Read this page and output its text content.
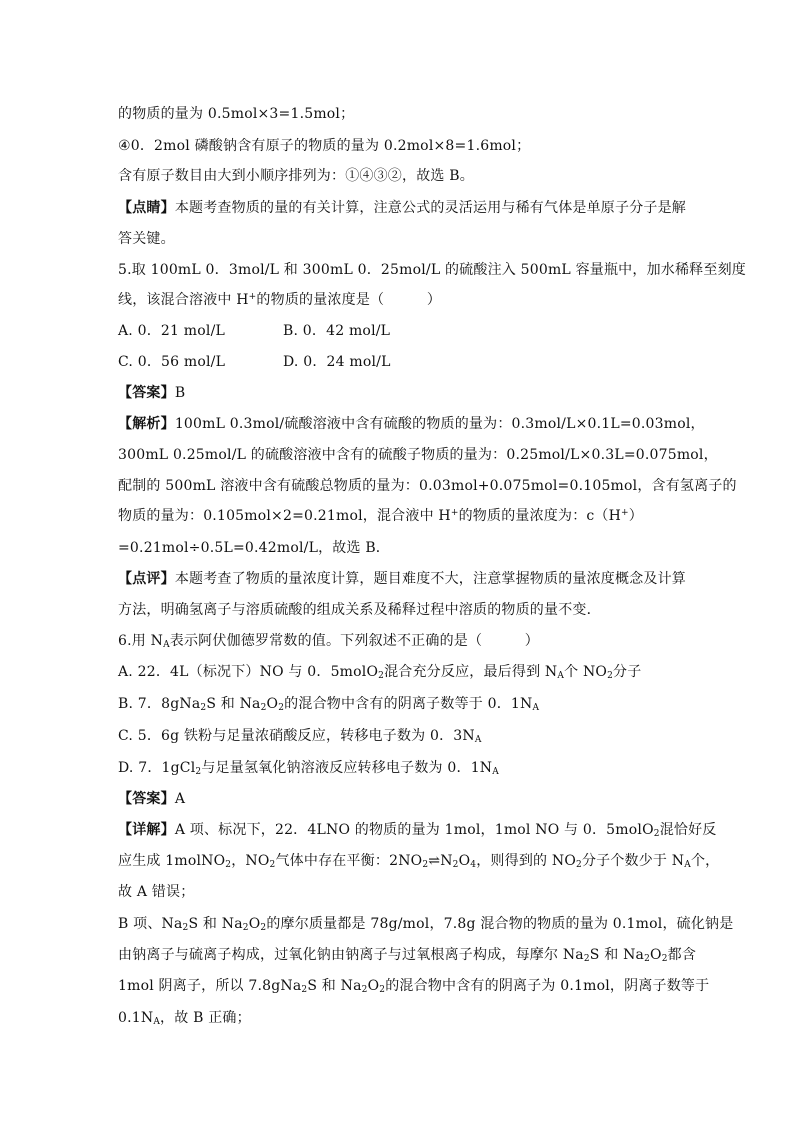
的物质的量为 0.5mol×3=1.5mol；
④0．2mol 磷酸钠含有原子的物质的量为 0.2mol×8=1.6mol；
含有原子数目由大到小顺序排列为：①④③②，故选 B。
【点睛】本题考查物质的量的有关计算，注意公式的灵活运用与稀有气体是单原子分子是解
答关键。
5.取 100mL 0．3mol/L 和 300mL 0．25mol/L 的硫酸注入 500mL 容量瓶中，加水稀释至刻度
线，该混合溶液中 H+的物质的量浓度是（　　　）
A. 0．21 mol/L	B. 0．42 mol/L
C. 0．56 mol/L	D. 0．24 mol/L
【答案】B
【解析】100mL 0.3mol/硫酸溶液中含有硫酸的物质的量为：0.3mol/L×0.1L=0.03mol，
300mL 0.25mol/L 的硫酸溶液中含有的硫酸子物质的量为：0.25mol/L×0.3L=0.075mol，
配制的 500mL 溶液中含有硫酸总物质的量为：0.03mol+0.075mol=0.105mol，含有氢离子的
物质的量为：0.105mol×2=0.21mol，混合液中 H+的物质的量浓度为：c（H+）
=0.21mol÷0.5L=0.42mol/L，故选 B．
【点评】本题考查了物质的量浓度计算，题目难度不大，注意掌握物质的量浓度概念及计算
方法，明确氢离子与溶质硫酸的组成关系及稀释过程中溶质的物质的量不变．
6.用 $N_A$表示阿伏伽德罗常数的值。下列叙述不正确的是（　　　）
A. 22．4L（标况下）NO 与 0．5molO$_2$混合充分反应，最后得到 $N_A$个 $NO_2$分子
B. 7．8gNa$_2$S 和 $Na_2O_2$的混合物中含有的阴离子数等于 0．$1N_A$
C. 5．6g 铁粉与足量浓硝酸反应，转移电子数为 0．$3N_A$
D. 7．1gCl$_2$与足量氢氧化钠溶液反应转移电子数为 0．$1N_A$
【答案】A
【详解】A 项、标况下，22．4LNO 的物质的量为 1mol，1mol NO 与 0．5molO$_2$混恰好反
应生成 1molNO$_2$，$NO_2$气体中存在平衡：$2NO_2\rightleftharpoons N_2O_4$，则得到的 $NO_2$分子个数少于 $N_A$个，
故 A 错误；
B 项、$Na_2S$ 和 $Na_2O_2$的摩尔质量都是 78g/mol，7.8g 混合物的物质的量为 0.1mol，硫化钠是
由钠离子与硫离子构成，过氧化钠由钠离子与过氧根离子构成，每摩尔 $Na_2S$ 和 $Na_2O_2$都含
1mol 阴离子，所以 7.8gNa$_2$S 和 $Na_2O_2$的混合物中含有的阴离子为 0.1mol，阴离子数等于
$0.1N_A$，故 B 正确；
